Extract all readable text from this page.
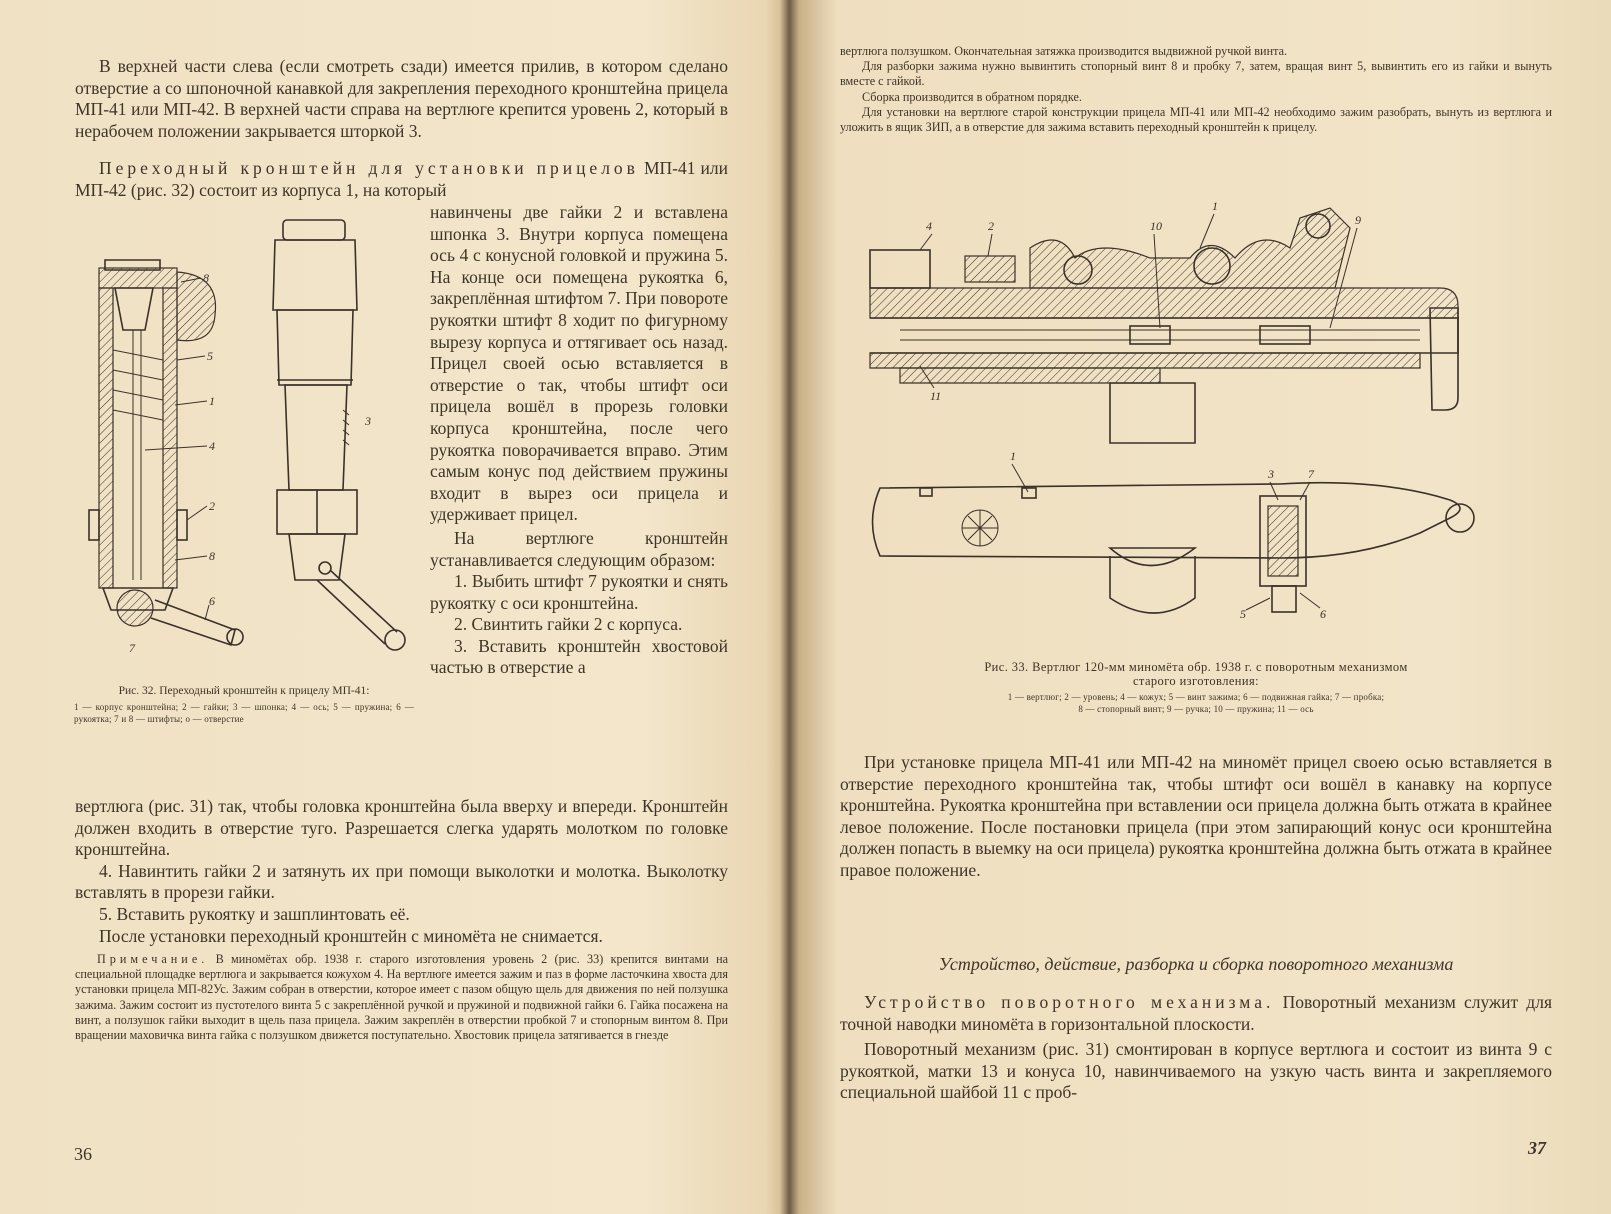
В верхней части слева (если смотреть сзади) имеется прилив, в котором сделано отверстие а со шпоночной канавкой для закрепления переходного кронштейна прицела МП-41 или МП-42. В верхней части справа на вертлюге крепится уровень 2, который в нерабочем положении закрывается шторкой 3.

Переходный кронштейн для установки прицелов МП-41 или МП-42 (рис. 32) состоит из корпуса 1, на который

8
5
1
4
2
8
6
7
3

навинчены две гайки 2 и вставлена шпонка 3. Внутри корпуса помещена ось 4 с конусной головкой и пружина 5. На конце оси помещена рукоятка 6, закреплённая штифтом 7. При повороте рукоятки штифт 8 ходит по фигурному вырезу корпуса и оттягивает ось назад. Прицел своей осью вставляется в отверстие о так, чтобы штифт оси прицела вошёл в прорезь головки корпуса кронштейна, после чего рукоятка поворачивается вправо. Этим самым конус под действием пружины входит в вырез оси прицела и удерживает прицел.

На вертлюге кронштейн устанавливается следующим образом:

1. Выбить штифт 7 рукоятки и снять рукоятку с оси кронштейна.

2. Свинтить гайки 2 с корпуса.

3. Вставить кронштейн хвостовой частью в отверстие а

Рис. 32. Переходный кронштейн к прицелу МП-41:
1 — корпус кронштейна; 2 — гайки; 3 — шпонка; 4 — ось; 5 — пружина; 6 — рукоятка; 7 и 8 — штифты; о — отверстие

вертлюга (рис. 31) так, чтобы головка кронштейна была вверху и впереди. Кронштейн должен входить в отверстие туго. Разрешается слегка ударять молотком по головке кронштейна.

4. Навинтить гайки 2 и затянуть их при помощи выколотки и молотка. Выколотку вставлять в прорези гайки.

5. Вставить рукоятку и зашплинтовать её.

После установки переходный кронштейн с миномёта не снимается.

Примечание. В миномётах обр. 1938 г. старого изготовления уровень 2 (рис. 33) крепится винтами на специальной площадке вертлюга и закрывается кожухом 4. На вертлюге имеется зажим и паз в форме ласточкина хвоста для установки прицела МП-82Ус. Зажим собран в отверстии, которое имеет с пазом общую щель для движения по ней ползушка зажима. Зажим состоит из пустотелого винта 5 с закреплённой ручкой и пружиной и подвижной гайки 6. Гайка посажена на винт, а ползушок гайки выходит в щель паза прицела. Зажим закреплён в отверстии пробкой 7 и стопорным винтом 8. При вращении маховичка винта гайка с ползушком движется поступательно. Хвостовик прицела затягивается в гнезде

36

вертлюга ползушком. Окончательная затяжка производится выдвижной ручкой винта.

Для разборки зажима нужно вывинтить стопорный винт 8 и пробку 7, затем, вращая винт 5, вывинтить его из гайки и вынуть вместе с гайкой.

Сборка производится в обратном порядке.

Для установки на вертлюге старой конструкции прицела МП-41 или МП-42 необходимо зажим разобрать, вынуть из вертлюга и уложить в ящик ЗИП, а в отверстие для зажима вставить переходный кронштейн к прицелу.

4	2
1
10	9
11
1
3	7
5	6
Рис. 33. Вертлюг 120-мм миномёта обр. 1938 г. с поворотным механизмом
старого изготовления:
1 — вертлюг; 2 — уровень; 4 — кожух; 5 — винт зажима; 6 — подвижная гайка; 7 — пробка;
8 — стопорный винт; 9 — ручка; 10 — пружина; 11 — ось

При установке прицела МП-41 или МП-42 на миномёт прицел своею осью вставляется в отверстие переходного кронштейна так, чтобы штифт оси вошёл в канавку на корпусе кронштейна. Рукоятка кронштейна при вставлении оси прицела должна быть отжата в крайнее левое положение. После постановки прицела (при этом запирающий конус оси кронштейна должен попасть в выемку на оси прицела) рукоятка кронштейна должна быть отжата в крайнее правое положение.

Устройство, действие, разборка и сборка поворотного механизма

Устройство поворотного механизма. Поворотный механизм служит для точной наводки миномёта в горизонтальной плоскости.

Поворотный механизм (рис. 31) смонтирован в корпусе вертлюга и состоит из винта 9 с рукояткой, матки 13 и конуса 10, навинчиваемого на узкую часть винта и закрепляемого специальной шайбой 11 с проб-

37
